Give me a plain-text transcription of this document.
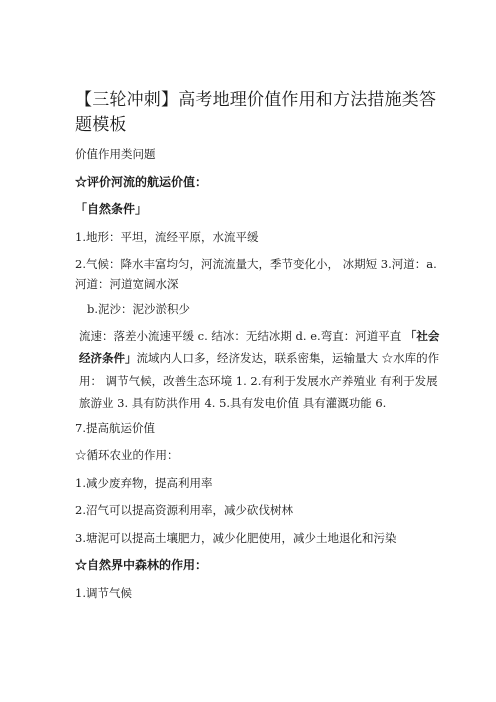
【三轮冲刺】高考地理价值作用和方法措施类答题模板

价值作用类问题

☆评价河流的航运价值：

「自然条件」

1.地形：平坦，流经平原，水流平缓

2.气候：降水丰富均匀，河流流量大，季节变化小， 冰期短 3.河道：a.河道：河道宽阔水深

b.泥沙：泥沙淤积少

流速：落差小流速平缓 c. 结冰：无结冰期 d. e.弯直：河道平直 「社会经济条件」流域内人口多，经济发达，联系密集，运输量大 ☆水库的作用： 调节气候，改善生态环境 1. 2.有利于发展水产养殖业 有利于发展旅游业 3. 具有防洪作用 4. 5.具有发电价值 具有灌溉功能 6.

7.提高航运价值

☆循环农业的作用：

1.减少废弃物，提高利用率

2.沼气可以提高资源利用率，减少砍伐树林

3.塘泥可以提高土壤肥力，减少化肥使用，减少土地退化和污染

☆自然界中森林的作用：

1.调节气候
